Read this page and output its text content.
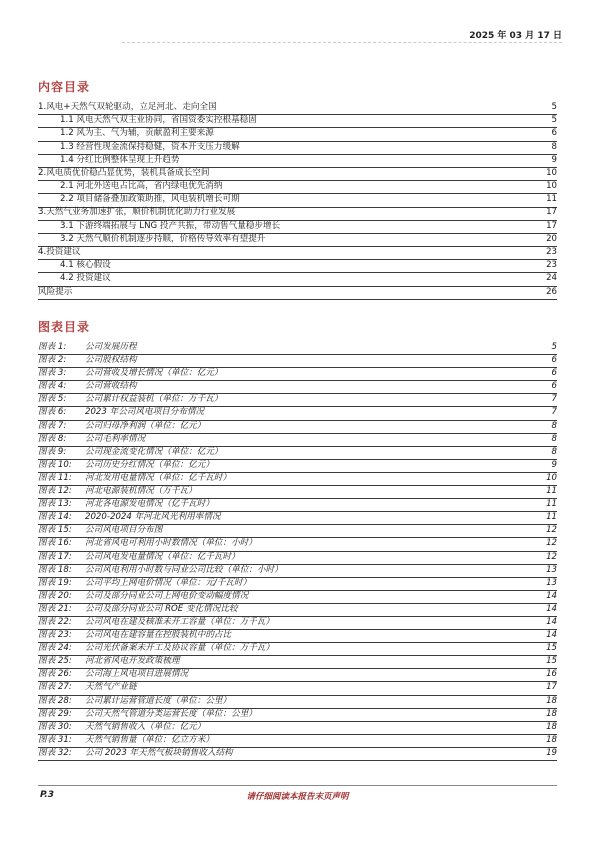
2025 年 03 月 17 日
内容目录
1.风电+天然气双轮驱动，立足河北、走向全国	5
1.1 风电天然气双主业协同，省国资委实控根基稳固	5
1.2 风为主、气为辅，贡献盈利主要来源	6
1.3 经营性现金流保持稳健，资本开支压力缓解	8
1.4 分红比例整体呈现上升趋势	9
2.风电质优价稳凸显优势，装机具备成长空间	10
2.1 河北外送电占比高，省内绿电优先消纳	10
2.2 项目储备叠加政策助推，风电装机增长可期	11
3.天然气业务加速扩张，顺价机制优化助力行业发展	17
3.1 下游终端拓展与 LNG 投产共振，带动售气量稳步增长	17
3.2 天然气顺价机制逐步持顺，价格传导效率有望提升	20
4.投资建议	23
4.1 核心假设	23
4.2 投资建议	24
风险提示	26
图表目录
图表 1:	公司发展历程	5
图表 2:	公司股权结构	6
图表 3:	公司营收及增长情况（单位：亿元）	6
图表 4:	公司营收结构	6
图表 5:	公司累计权益装机（单位：万千瓦）	7
图表 6:	2023 年公司风电项目分布情况	7
图表 7:	公司归母净利润（单位：亿元）	8
图表 8:	公司毛利率情况	8
图表 9:	公司现金流变化情况（单位：亿元）	8
图表 10:	公司历史分红情况（单位：亿元）	9
图表 11:	河北发用电量情况（单位：亿千瓦时）	10
图表 12:	河北电源装机情况（万千瓦）	11
图表 13:	河北各电源发电情况（亿千瓦时）	11
图表 14:	2020-2024 年河北风光利用率情况	11
图表 15:	公司风电项目分布图	12
图表 16:	河北省风电可利用小时数情况（单位：小时）	12
图表 17:	公司风电发电量情况（单位：亿千瓦时）	12
图表 18:	公司风电利用小时数与同业公司比较（单位：小时）	13
图表 19:	公司平均上网电价情况（单位：元/千瓦时）	13
图表 20:	公司及部分同业公司上网电价变动幅度情况	14
图表 21:	公司及部分同业公司 ROE 变化情况比较	14
图表 22:	公司风电在建及核准未开工容量（单位：万千瓦）	14
图表 23:	公司风电在建容量在控股装机中的占比	14
图表 24:	公司光伏备案未开工及协议容量（单位：万千瓦）	15
图表 25:	河北省风电开发政策梳理	15
图表 26:	公司海上风电项目进展情况	16
图表 27:	天然气产业链	17
图表 28:	公司累计运营管道长度（单位：公里）	18
图表 29:	公司天然气管道分类运营长度（单位：公里）	18
图表 30:	天然气销售收入（单位：亿元）	18
图表 31:	天然气销售量（单位：亿立方米）	18
图表 32:	公司 2023 年天然气板块销售收入结构	19
P.3	请仔细阅读本报告末页声明
